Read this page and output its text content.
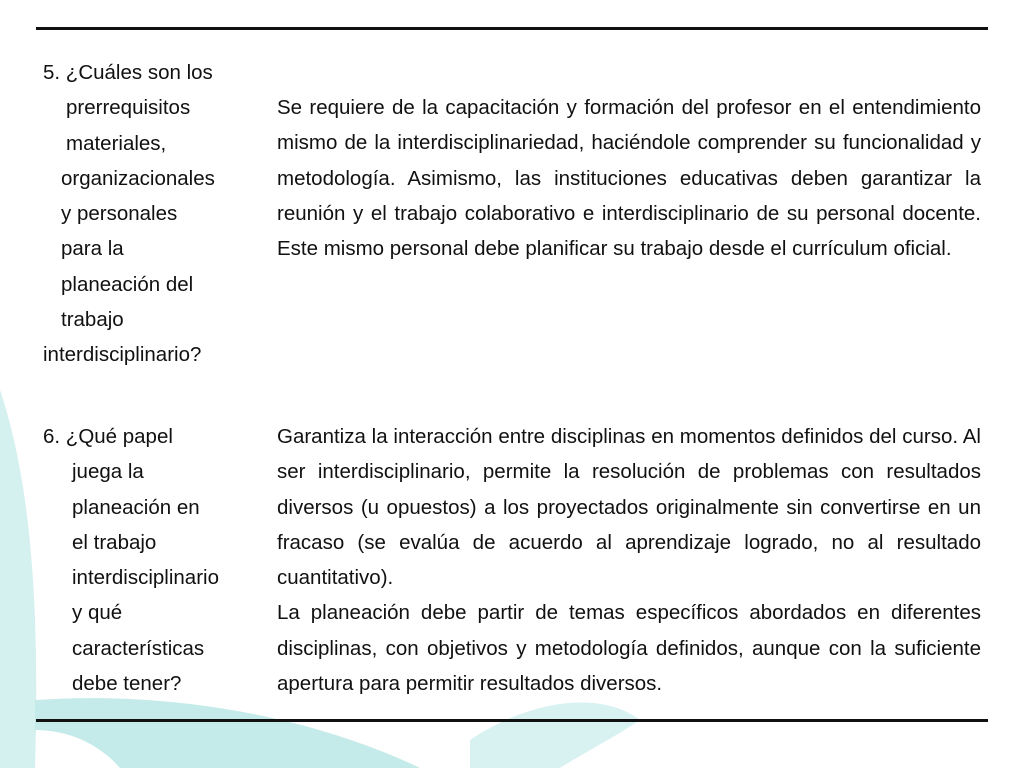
5. ¿Cuáles son los
prerrequisitos
materiales,
organizacionales
y personales
para la
planeación del
trabajo
interdisciplinario?

Se requiere de la capacitación y formación del profesor en el entendimiento mismo de la interdisciplinariedad, haciéndole comprender su funcionalidad y metodología. Asimismo, las instituciones educativas deben garantizar la reunión y el trabajo colaborativo e interdisciplinario de su personal docente. Este mismo personal debe planificar su trabajo desde el currículum oficial.

6. ¿Qué papel
juega la
planeación en
el trabajo
interdisciplinario
y qué
características
debe tener?

Garantiza la interacción entre disciplinas en momentos definidos del curso. Al ser interdisciplinario, permite la resolución de problemas con resultados diversos (u opuestos) a los proyectados originalmente sin convertirse en un fracaso (se evalúa de acuerdo al aprendizaje logrado, no al resultado cuantitativo).

La planeación debe partir de temas específicos abordados en diferentes disciplinas, con objetivos y metodología definidos, aunque con la suficiente apertura para permitir resultados diversos.
